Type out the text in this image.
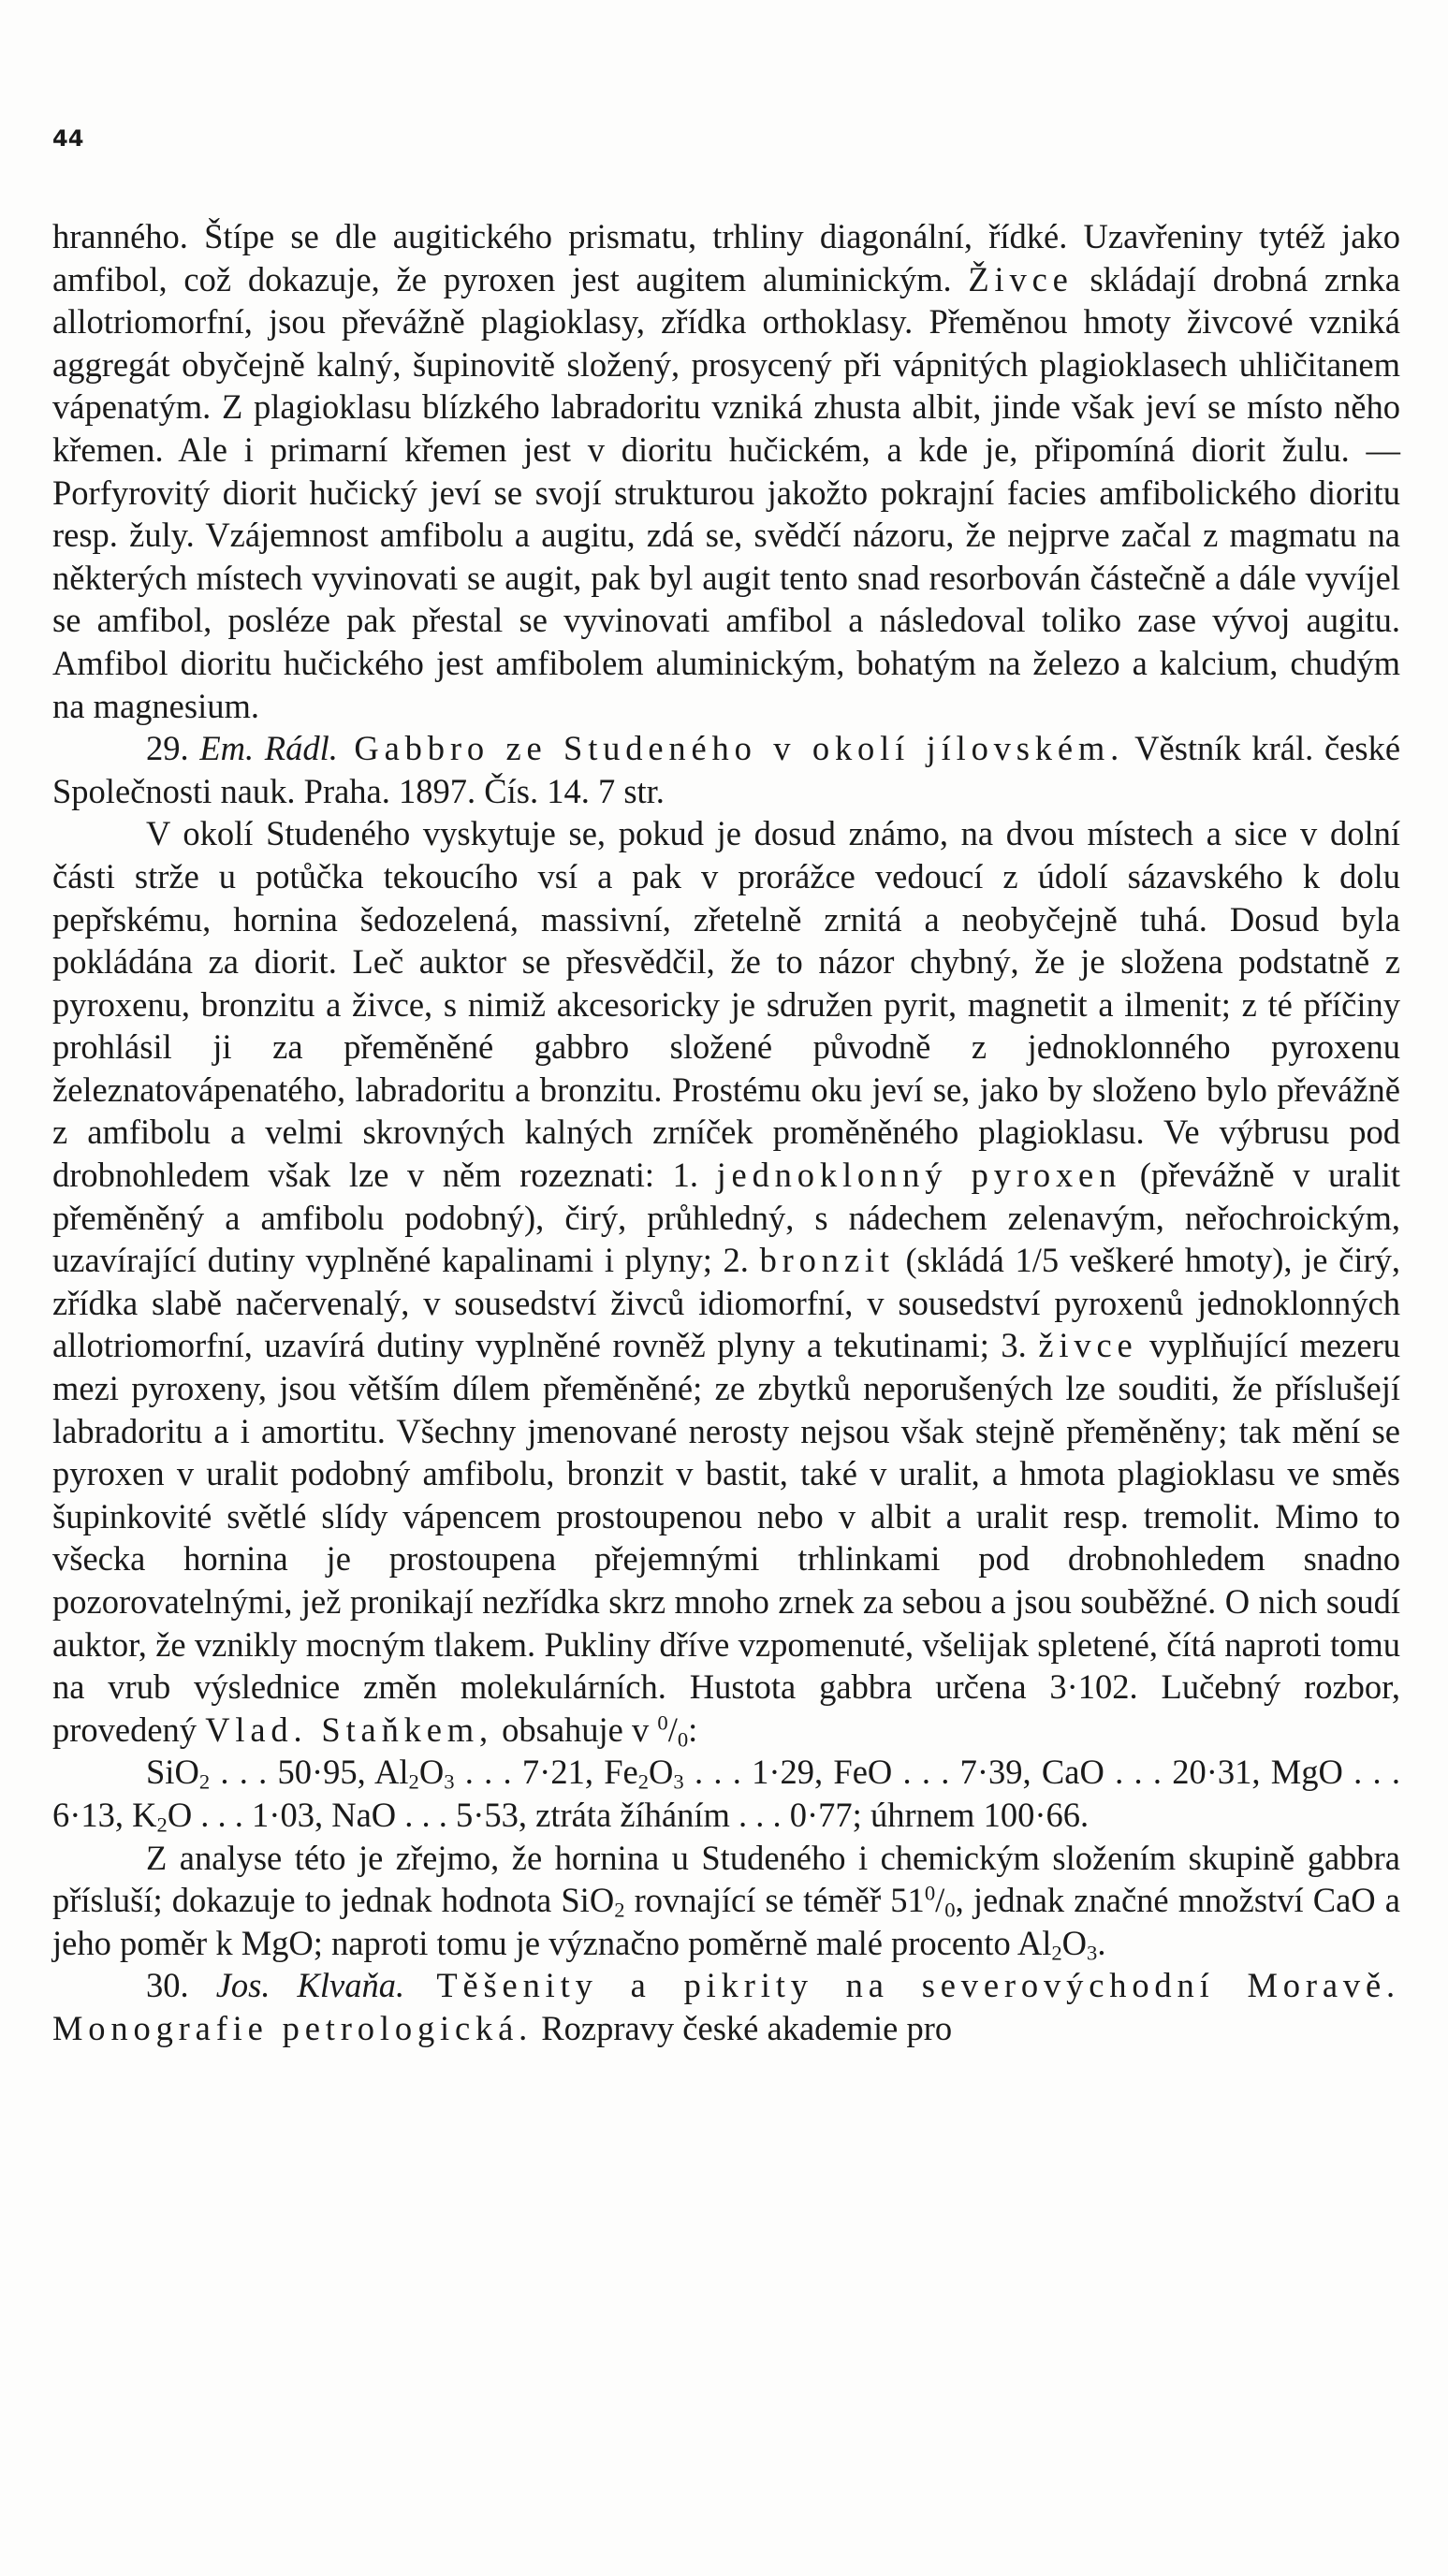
44

hranného. Štípe se dle augitického prismatu, trhliny diagonální, řídké. Uzavřeniny tytéž jako amfibol, což dokazuje, že pyroxen jest augitem aluminickým. Živce skládají drobná zrnka allotriomorfní, jsou převážně plagioklasy, zřídka orthoklasy. Přeměnou hmoty živcové vzniká aggregát obyčejně kalný, šupinovitě složený, prosycený při vápnitých plagioklasech uhličitanem vápenatým. Z plagioklasu blízkého labradoritu vzniká zhusta albit, jinde však jeví se místo něho křemen. Ale i primarní křemen jest v dioritu hučickém, a kde je, připomíná diorit žulu. — Porfyrovitý diorit hučický jeví se svojí strukturou jakožto pokrajní facies amfibolického dioritu resp. žuly. Vzájemnost amfibolu a augitu, zdá se, svědčí názoru, že nejprve začal z magmatu na některých místech vyvinovati se augit, pak byl augit tento snad resorbován částečně a dále vyvíjel se amfibol, posléze pak přestal se vyvinovati amfibol a následoval toliko zase vývoj augitu. Amfibol dioritu hučického jest amfibolem aluminickým, bohatým na železo a kalcium, chudým na magnesium.

29. Em. Rádl. Gabbro ze Studeného v okolí jílovském. Věstník král. české Společnosti nauk. Praha. 1897. Čís. 14. 7 str.

V okolí Studeného vyskytuje se, pokud je dosud známo, na dvou místech a sice v dolní části strže u potůčka tekoucího vsí a pak v prorážce vedoucí z údolí sázavského k dolu pepřskému, hornina šedozelená, massivní, zřetelně zrnitá a neobyčejně tuhá. Dosud byla pokládána za diorit. Leč auktor se přesvědčil, že to názor chybný, že je složena podstatně z pyroxenu, bronzitu a živce, s nimiž akcesoricky je sdružen pyrit, magnetit a ilmenit; z té příčiny prohlásil ji za přeměněné gabbro složené původně z jednoklonného pyroxenu železnatovápenatého, labradoritu a bronzitu. Prostému oku jeví se, jako by složeno bylo převážně z amfibolu a velmi skrovných kalných zrníček proměněného plagioklasu. Ve výbrusu pod drobnohledem však lze v něm rozeznati: 1. jednoklonný pyroxen (převážně v uralit přeměněný a amfibolu podobný), čirý, průhledný, s nádechem zelenavým, neřochroickým, uzavírající dutiny vyplněné kapalinami i plyny; 2. bronzit (skládá 1/5 veškeré hmoty), je čirý, zřídka slabě načervenalý, v sousedství živců idiomorfní, v sousedství pyroxenů jednoklonných allotriomorfní, uzavírá dutiny vyplněné rovněž plyny a tekutinami; 3. živce vyplňující mezeru mezi pyroxeny, jsou větším dílem přeměněné; ze zbytků neporušených lze souditi, že příslušejí labradoritu a i amortitu. Všechny jmenované nerosty nejsou však stejně přeměněny; tak mění se pyroxen v uralit podobný amfibolu, bronzit v bastit, také v uralit, a hmota plagioklasu ve směs šupinkovité světlé slídy vápencem prostoupenou nebo v albit a uralit resp. tremolit. Mimo to všecka hornina je prostoupena přejemnými trhlinkami pod drobnohledem snadno pozorovatelnými, jež pronikají nezřídka skrz mnoho zrnek za sebou a jsou souběžné. O nich soudí auktor, že vznikly mocným tlakem. Pukliny dříve vzpomenuté, všelijak spletené, čítá naproti tomu na vrub výslednice změn molekulárních. Hustota gabbra určena 3·102. Lučebný rozbor, provedený Vlad. Staňkem, obsahuje v $^0/_0$:

SiO$_2$ . . . 50·95, $Al_2O_3$ . . . 7·21, $Fe_2O_3$ . . . 1·29, FeO . . . 7·39, CaO . . . 20·31, MgO . . . 6·13, $K_2O$ . . . 1·03, NaO . . . 5·53, ztráta žíháním . . . 0·77; úhrnem 100·66.

Z analyse této je zřejmo, že hornina u Studeného i chemickým složením skupině gabbra přísluší; dokazuje to jednak hodnota SiO$_2$ rovnající se téměř $51^0/_0$, jednak značné množství CaO a jeho poměr k MgO; naproti tomu je význačno poměrně malé procento $Al_2O_3$.

30. Jos. Klvaňa. Těšenity a pikrity na severovýchodní Moravě. Monografie petrologická. Rozpravy české akademie pro
